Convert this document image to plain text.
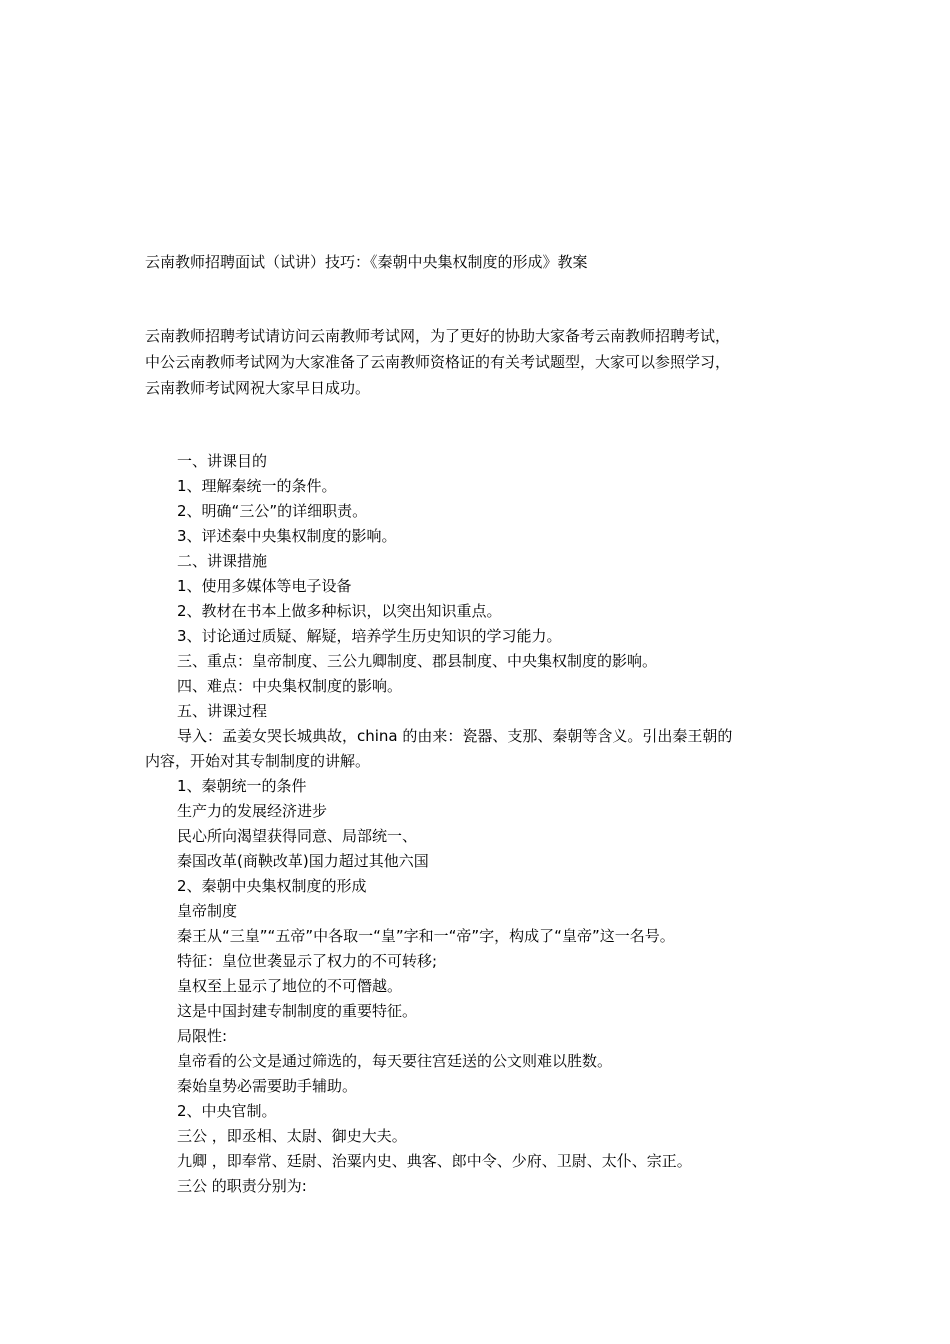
云南教师招聘面试（试讲）技巧：《秦朝中央集权制度的形成》教案

云南教师招聘考试请访问云南教师考试网，为了更好的协助大家备考云南教师招聘考试，

中公云南教师考试网为大家准备了云南教师资格证的有关考试题型，大家可以参照学习，

云南教师考试网祝大家早日成功。

一、讲课目的

1、理解秦统一的条件。

2、明确“三公”的详细职责。

3、评述秦中央集权制度的影响。

二、讲课措施

1、使用多媒体等电子设备

2、教材在书本上做多种标识，以突出知识重点。

3、讨论通过质疑、解疑，培养学生历史知识的学习能力。

三、重点：皇帝制度、三公九卿制度、郡县制度、中央集权制度的影响。

四、难点：中央集权制度的影响。

五、讲课过程

导入：孟姜女哭长城典故，china 的由来：瓷器、支那、秦朝等含义。引出秦王朝的

内容，开始对其专制制度的讲解。

1、秦朝统一的条件

生产力的发展经济进步

民心所向渴望获得同意、局部统一、

秦国改革(商鞅改革)国力超过其他六国

2、秦朝中央集权制度的形成

皇帝制度

秦王从“三皇”“五帝”中各取一“皇”字和一“帝”字，构成了“皇帝”这一名号。

特征：皇位世袭显示了权力的不可转移;

皇权至上显示了地位的不可僭越。

这是中国封建专制制度的重要特征。

局限性:

皇帝看的公文是通过筛选的，每天要往宫廷送的公文则难以胜数。

秦始皇势必需要助手辅助。

2、中央官制。

三公 ，即丞相、太尉、御史大夫。

九卿 ，即奉常、廷尉、治粟内史、典客、郎中令、少府、卫尉、太仆、宗正。

三公 的职责分别为:
